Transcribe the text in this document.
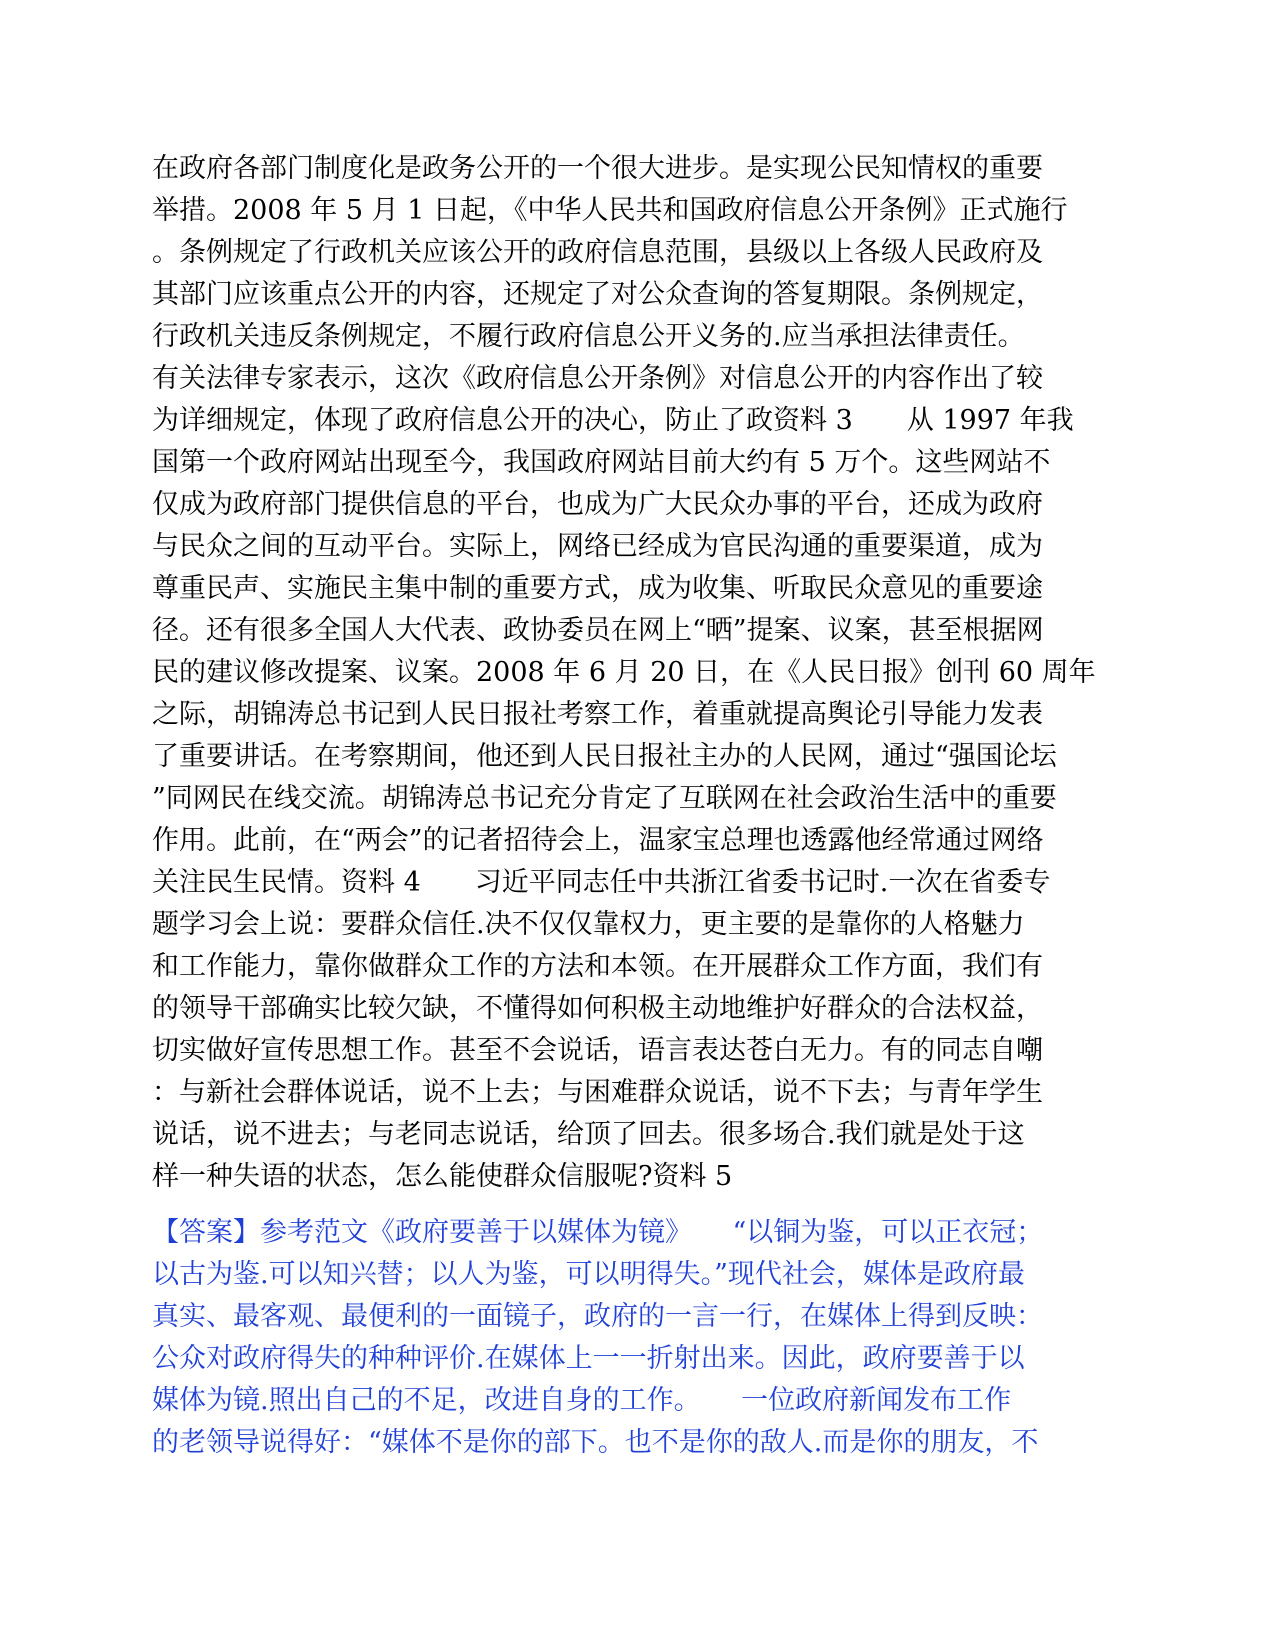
在政府各部门制度化是政务公开的一个很大进步。是实现公民知情权的重要
举措。2008 年 5 月 1 日起，《中华人民共和国政府信息公开条例》正式施行
。条例规定了行政机关应该公开的政府信息范围，县级以上各级人民政府及
其部门应该重点公开的内容，还规定了对公众查询的答复期限。条例规定，
行政机关违反条例规定，不履行政府信息公开义务的.应当承担法律责任。
有关法律专家表示，这次《政府信息公开条例》对信息公开的内容作出了较
为详细规定，体现了政府信息公开的决心，防止了政资料 3　　从 1997 年我
国第一个政府网站出现至今，我国政府网站目前大约有 5 万个。这些网站不
仅成为政府部门提供信息的平台，也成为广大民众办事的平台，还成为政府
与民众之间的互动平台。实际上，网络已经成为官民沟通的重要渠道，成为
尊重民声、实施民主集中制的重要方式，成为收集、听取民众意见的重要途
径。还有很多全国人大代表、政协委员在网上“晒”提案、议案，甚至根据网
民的建议修改提案、议案。2008 年 6 月 20 日，在《人民日报》创刊 60 周年
之际，胡锦涛总书记到人民日报社考察工作，着重就提高舆论引导能力发表
了重要讲话。在考察期间，他还到人民日报社主办的人民网，通过“强国论坛
”同网民在线交流。胡锦涛总书记充分肯定了互联网在社会政治生活中的重要
作用。此前，在“两会”的记者招待会上，温家宝总理也透露他经常通过网络
关注民生民情。资料 4　　习近平同志任中共浙江省委书记时.一次在省委专
题学习会上说：要群众信任.决不仅仅靠权力，更主要的是靠你的人格魅力
和工作能力，靠你做群众工作的方法和本领。在开展群众工作方面，我们有
的领导干部确实比较欠缺，不懂得如何积极主动地维护好群众的合法权益，
切实做好宣传思想工作。甚至不会说话，语言表达苍白无力。有的同志自嘲
：与新社会群体说话，说不上去；与困难群众说话，说不下去；与青年学生
说话，说不进去；与老同志说话，给顶了回去。很多场合.我们就是处于这
样一种失语的状态，怎么能使群众信服呢?资料 5
【答案】参考范文《政府要善于以媒体为镜》　　“以铜为鉴，可以正衣冠；
以古为鉴.可以知兴替；以人为鉴，可以明得失。”现代社会，媒体是政府最
真实、最客观、最便利的一面镜子，政府的一言一行，在媒体上得到反映：
公众对政府得失的种种评价.在媒体上一一折射出来。因此，政府要善于以
媒体为镜.照出自己的不足，改进自身的工作。　　一位政府新闻发布工作
的老领导说得好：“媒体不是你的部下。也不是你的敌人.而是你的朋友，不
